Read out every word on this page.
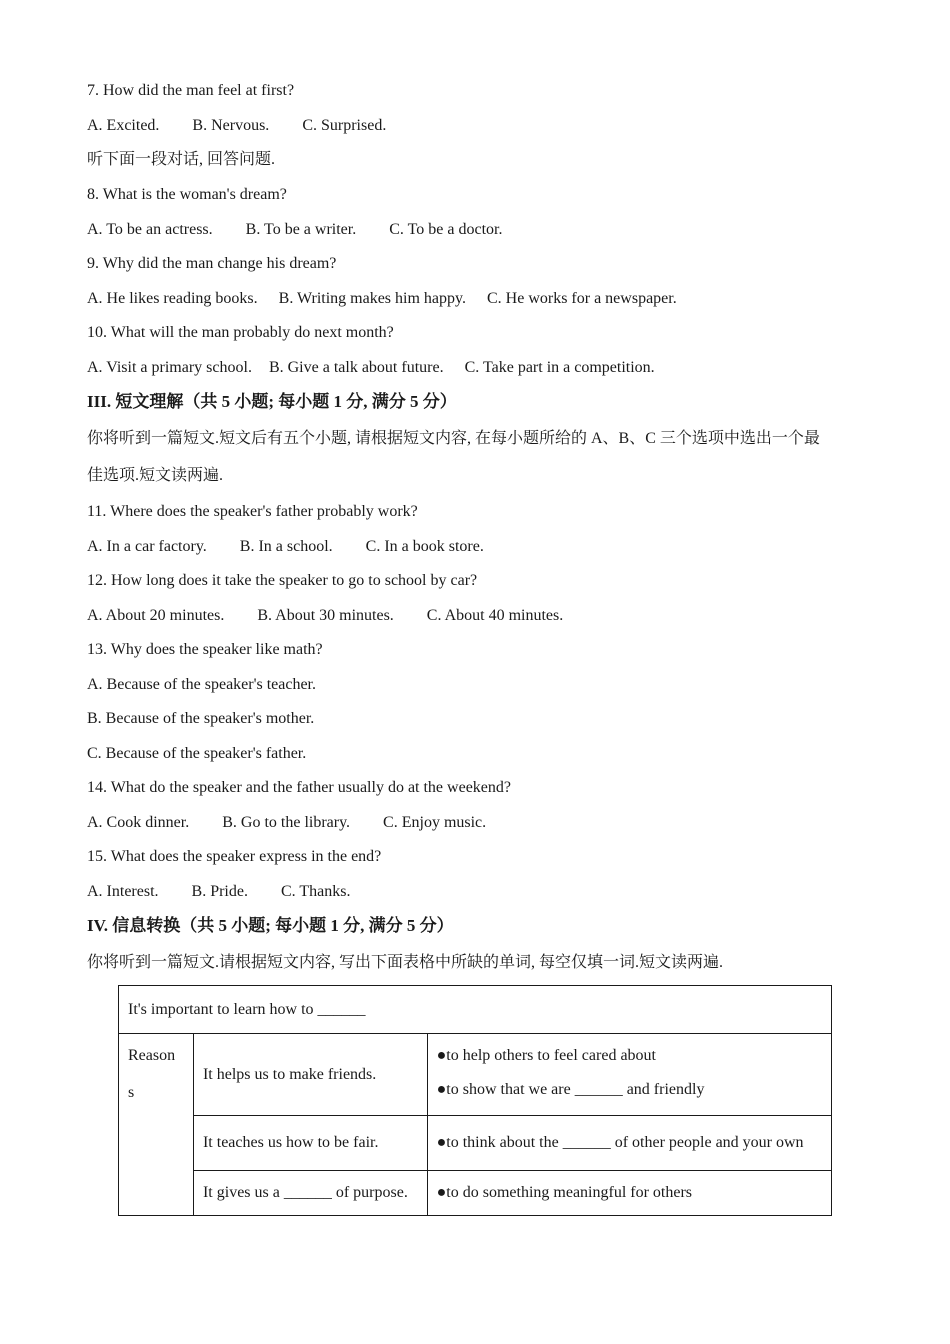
7. How did the man feel at first?
A. Excited. B. Nervous. C. Surprised.
听下面一段对话, 回答问题.
8. What is the woman's dream?
A. To be an actress. B. To be a writer. C. To be a doctor.
9. Why did the man change his dream?
A. He likes reading books. B. Writing makes him happy. C. He works for a newspaper.
10. What will the man probably do next month?
A. Visit a primary school. B. Give a talk about future. C. Take part in a competition.
III. 短文理解（共 5 小题; 每小题 1 分, 满分 5 分）
你将听到一篇短文.短文后有五个小题, 请根据短文内容, 在每小题所给的 A、B、C 三个选项中选出一个最
佳选项.短文读两遍.
11. Where does the speaker's father probably work?
A. In a car factory. B. In a school. C. In a book store.
12. How long does it take the speaker to go to school by car?
A. About 20 minutes. B. About 30 minutes. C. About 40 minutes.
13. Why does the speaker like math?
A. Because of the speaker's teacher.
B. Because of the speaker's mother.
C. Because of the speaker's father.
14. What do the speaker and the father usually do at the weekend?
A. Cook dinner. B. Go to the library. C. Enjoy music.
15. What does the speaker express in the end?
A. Interest. B. Pride. C. Thanks.
IV. 信息转换（共 5 小题; 每小题 1 分, 满分 5 分）
你将听到一篇短文.请根据短文内容, 写出下面表格中所缺的单词, 每空仅填一词.短文读两遍.
It's important to learn how to ______		

Reason
s	It helps us to make friends.	●to help others to feel cared about
●to show that we are ______ and friendly

	It teaches us how to be fair.	●to think about the ______ of other people and your own

	It gives us a ______ of purpose.	●to do something meaningful for others
